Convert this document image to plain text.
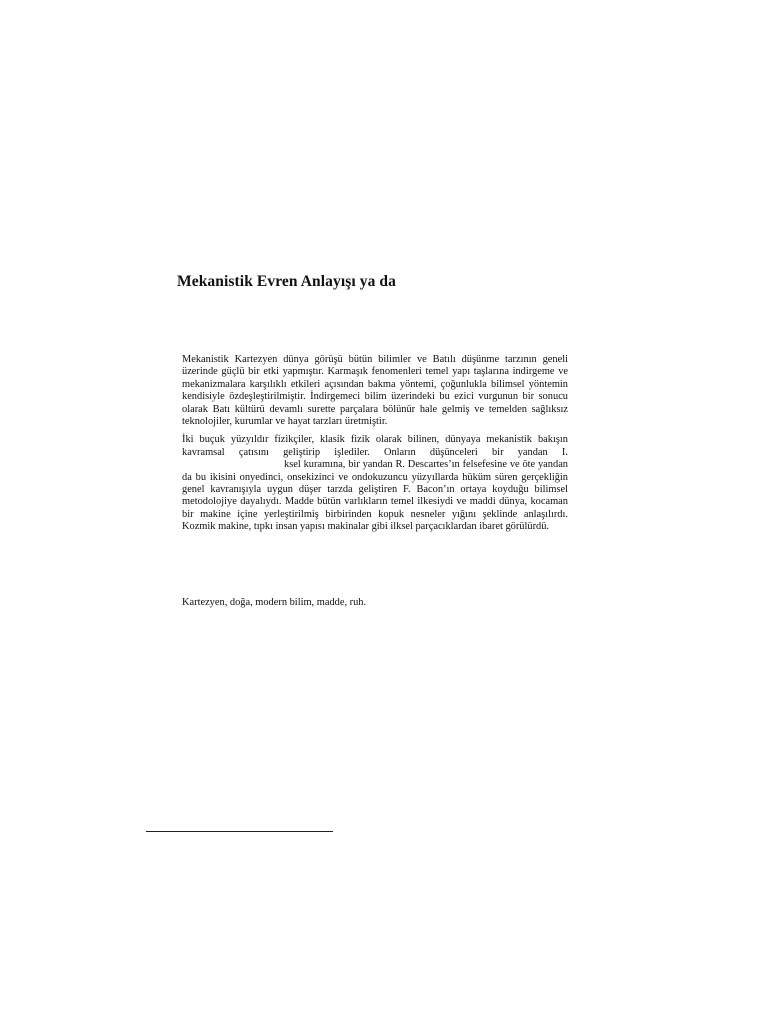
Mekanistik Evren Anlayışı ya da

Mekanistik Kartezyen dünya görüşü bütün bilimler ve Batılı düşünme tarzının geneli üzerinde güçlü bir etki yapmıştır. Karmaşık fenomenleri temel yapı taşlarına indirgeme ve mekanizmalara karşılıklı etkileri açısından bakma yöntemi, çoğunlukla bilimsel yöntemin kendisiyle özdeşleştirilmiştir. İndirgemeci bilim üzerindeki bu ezici vurgunun bir sonucu olarak Batı kültürü devamlı surette parçalara bölünür hale gelmiş ve temelden sağlıksız teknolojiler, kurumlar ve hayat tarzları üretmiştir.

İki buçuk yüzyıldır fizikçiler, klasik fizik olarak bilinen, dünyaya mekanistik bakışın kavramsal çatısını geliştirip işlediler. Onların düşünceleri bir yandan I. ksel kuramına, bir yandan R. Descartes’ın felsefesine ve öte yandan da bu ikisini onyedinci, onsekizinci ve ondokuzuncu yüzyıllarda hüküm süren gerçekliğin genel kavranışıyla uygun düşer tarzda geliştiren F. Bacon’ın ortaya koyduğu bilimsel metodolojiye dayalıydı. Madde bütün varlıkların temel ilkesiydi ve maddi dünya, kocaman bir makine içine yerleştirilmiş birbirinden kopuk nesneler yığını şeklinde anlaşılırdı. Kozmik makine, tıpkı insan yapısı makinalar gibi ilksel parçacıklardan ibaret görülürdü.

Kartezyen, doğa, modern bilim, madde, ruh.
